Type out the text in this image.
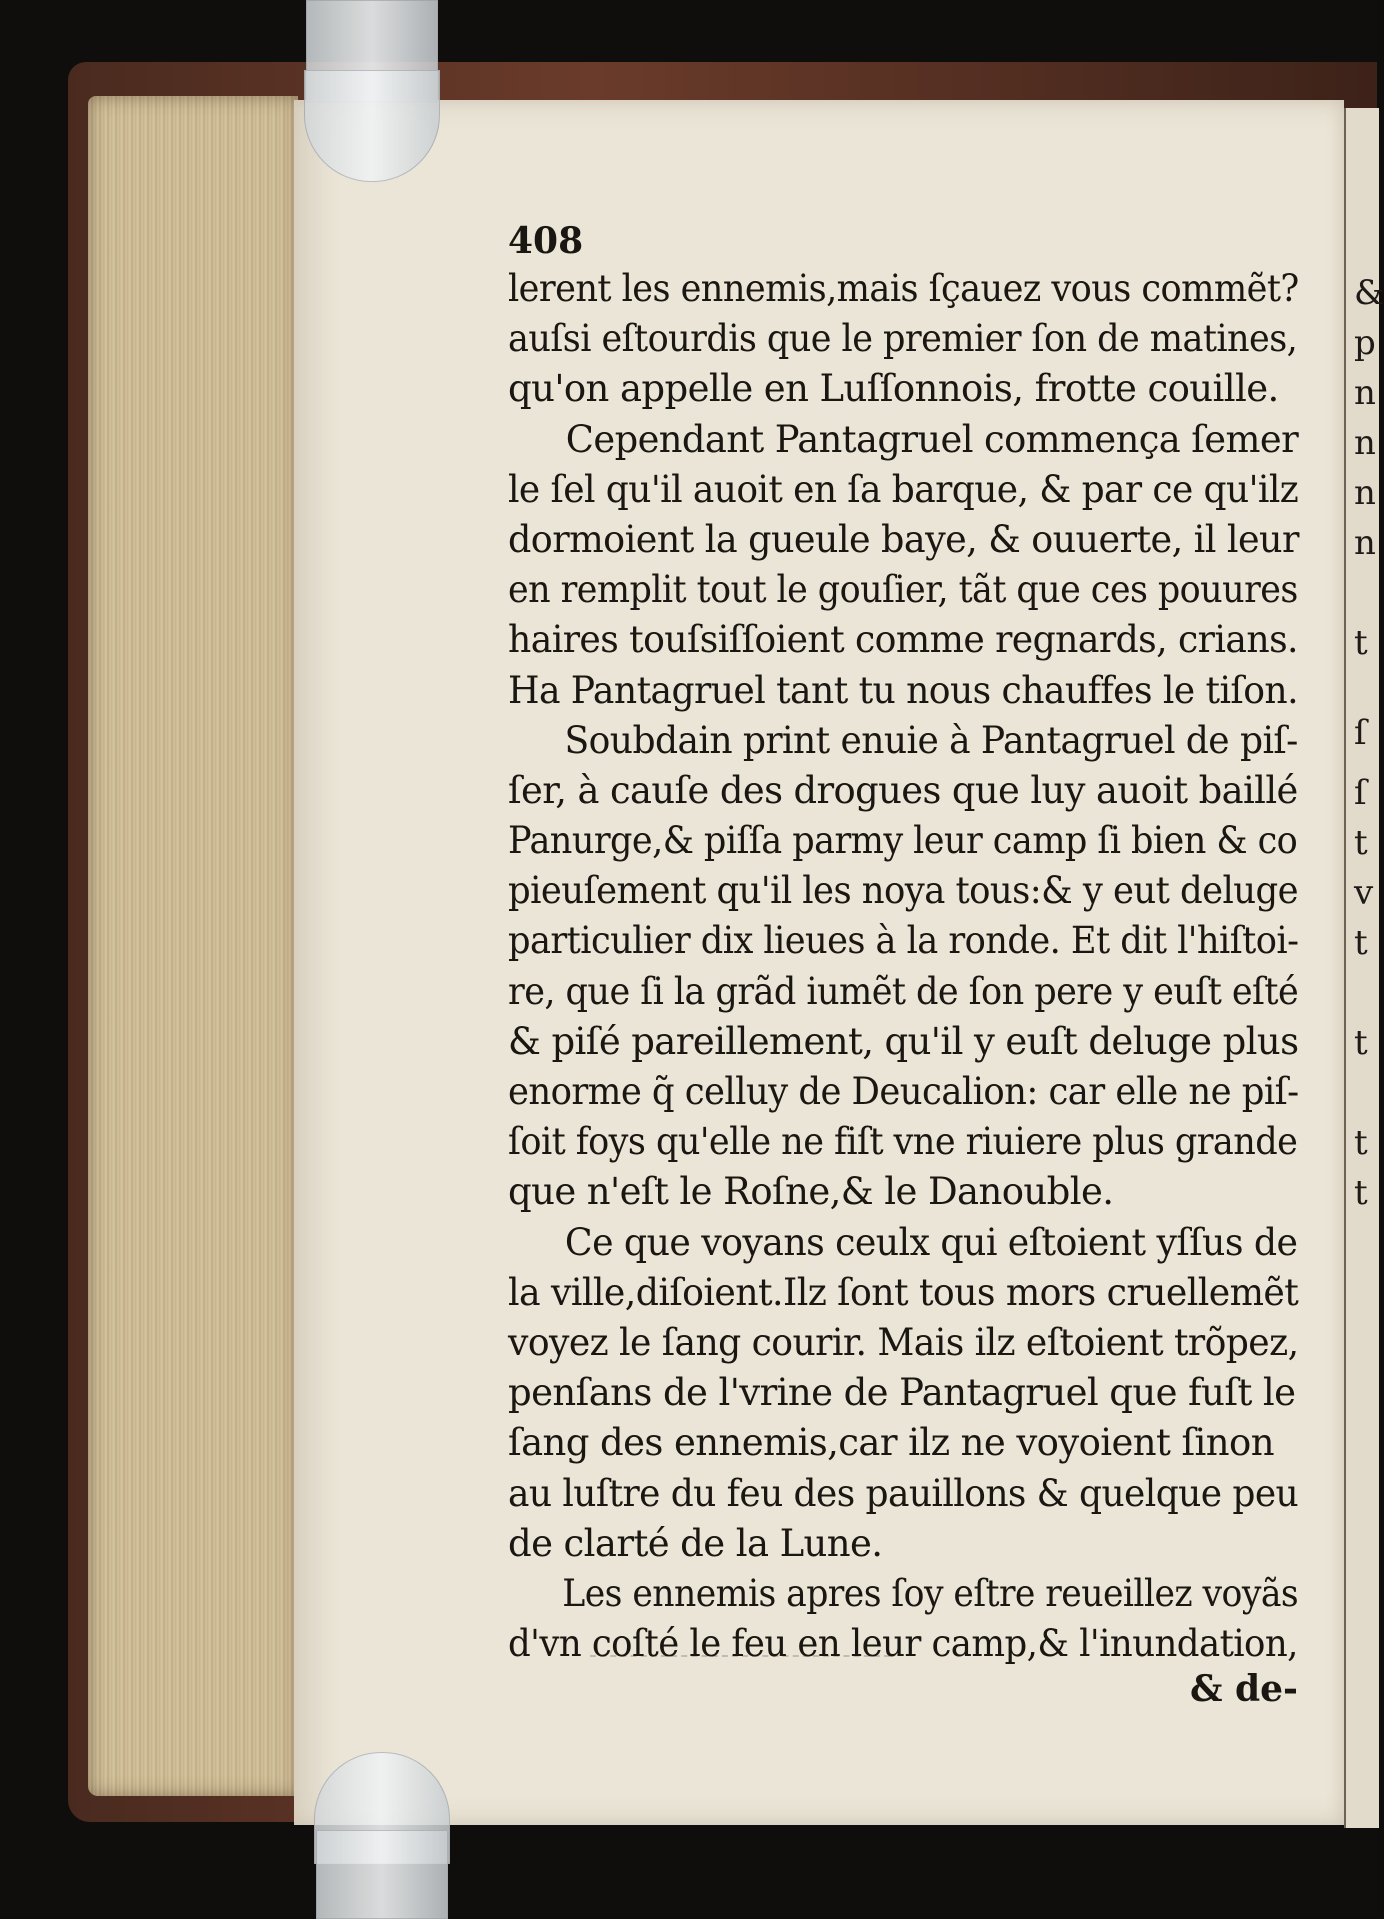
&
p
n
n
n
n
t
ſ
ſ
t
v
t
t
t
t
408
lerent les ennemis,mais ſçauez vous commẽt?
auſsi eſtourdis que le premier ſon de matines,
qu'on appelle en Luſſonnois, frotte couille.
Cependant Pantagruel commença ſemer
le ſel qu'il auoit en ſa barque, & par ce qu'ilz
dormoient la gueule baye, & ouuerte, il leur
en remplit tout le gouſier, tãt que ces pouures
haires touſsiſſoient comme regnards, crians.
Ha Pantagruel tant tu nous chauffes le tiſon.
Soubdain print enuie à Pantagruel de piſ-
ſer, à cauſe des drogues que luy auoit baillé
Panurge,& piſſa parmy leur camp ſi bien & co
pieuſement qu'il les noya tous:& y eut deluge
particulier dix lieues à la ronde. Et dit l'hiſtoi-
re, que ſi la grãd iumẽt de ſon pere y euſt eſté
& piſé pareillement, qu'il y euſt deluge plus
enorme q̃ celluy de Deucalion: car elle ne piſ-
ſoit foys qu'elle ne fiſt vne riuiere plus grande
que n'eſt le Roſne,& le Danouble.
Ce que voyans ceulx qui eſtoient yſſus de
la ville,diſoient.Ilz ſont tous mors cruellemẽt
voyez le ſang courir. Mais ilz eſtoient trõpez,
penſans de l'vrine de Pantagruel que fuſt le
ſang des ennemis,car ilz ne voyoient ſinon
au luſtre du feu des pauillons & quelque peu
de clarté de la Lune.
Les ennemis apres ſoy eſtre reueillez voyãs
d'vn coſté le feu en leur camp,& l'inundation,
& de-
